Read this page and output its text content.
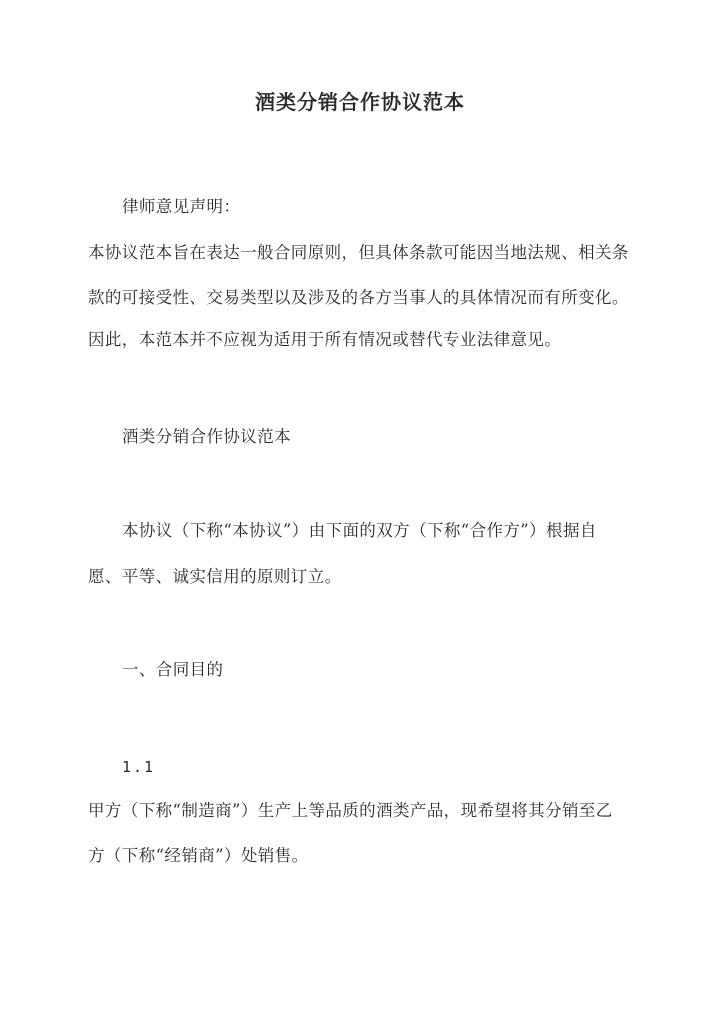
酒类分销合作协议范本
律师意见声明：
本协议范本旨在表达一般合同原则，但具体条款可能因当地法规、相关条
款的可接受性、交易类型以及涉及的各方当事人的具体情况而有所变化。
因此，本范本并不应视为适用于所有情况或替代专业法律意见。
酒类分销合作协议范本
本协议（下称“本协议”）由下面的双方（下称“合作方”）根据自
愿、平等、诚实信用的原则订立。
一、合同目的
1.1
甲方（下称“制造商”）生产上等品质的酒类产品，现希望将其分销至乙
方（下称“经销商”）处销售。
